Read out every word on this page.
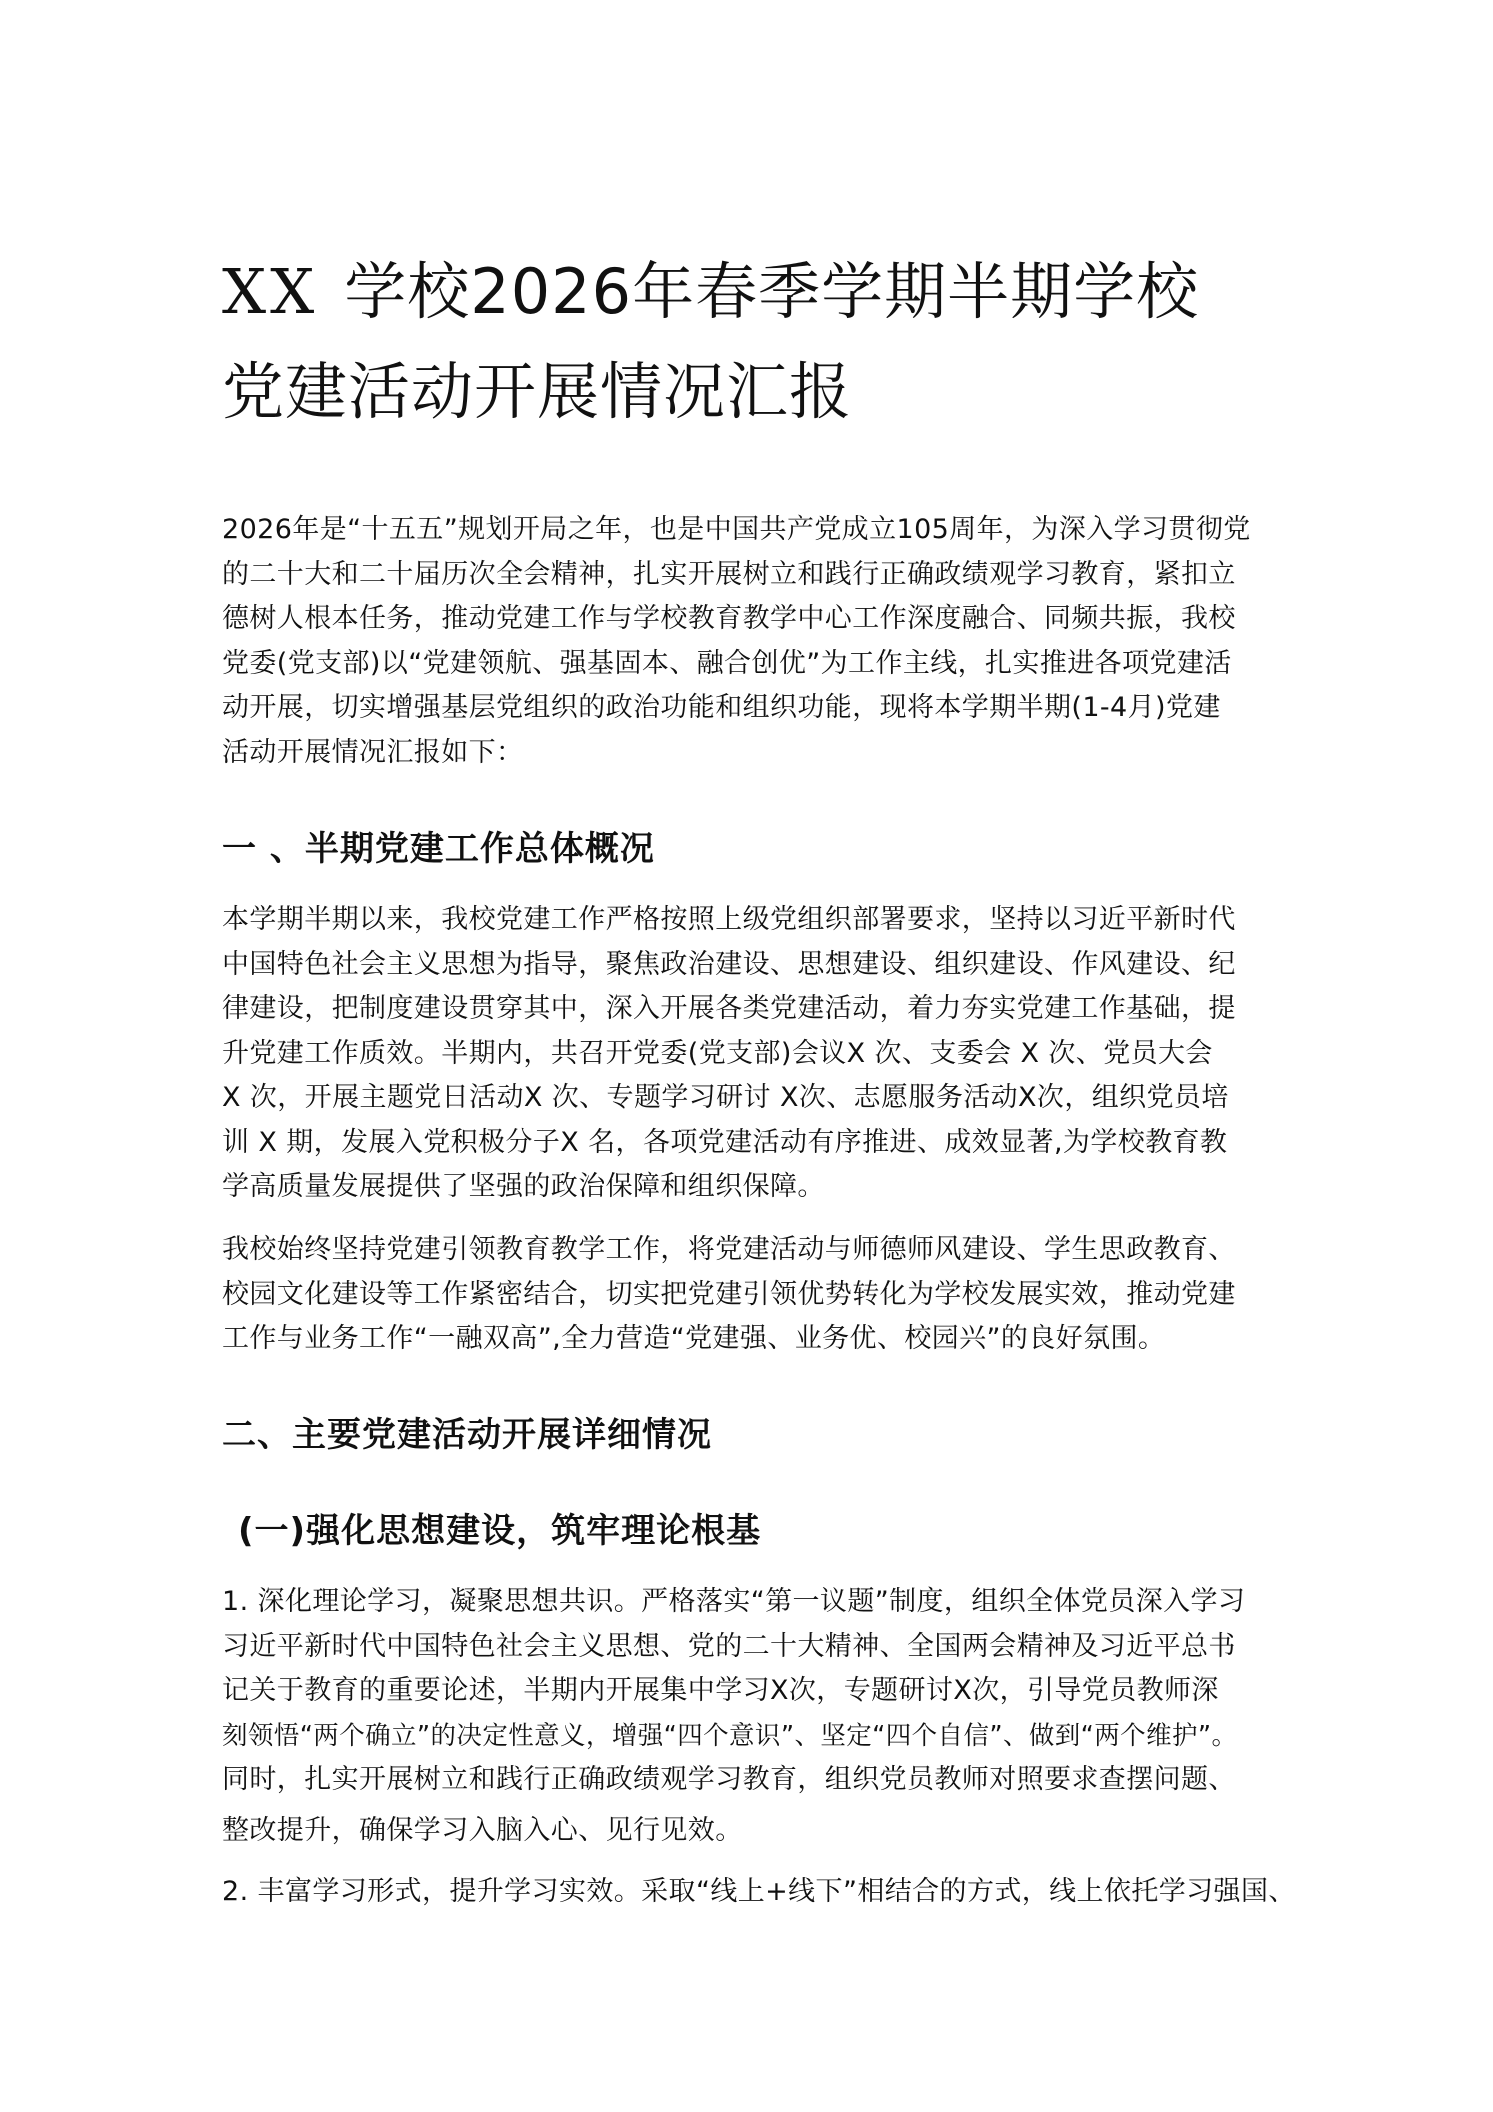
XX 学校2026年春季学期半期学校
党建活动开展情况汇报
2026年是“十五五”规划开局之年，也是中国共产党成立105周年，为深入学习贯彻党
的二十大和二十届历次全会精神，扎实开展树立和践行正确政绩观学习教育，紧扣立
德树人根本任务，推动党建工作与学校教育教学中心工作深度融合、同频共振，我校
党委(党支部)以“党建领航、强基固本、融合创优”为工作主线，扎实推进各项党建活
动开展，切实增强基层党组织的政治功能和组织功能，现将本学期半期(1-4月)党建
活动开展情况汇报如下：
一 、半期党建工作总体概况
本学期半期以来，我校党建工作严格按照上级党组织部署要求，坚持以习近平新时代
中国特色社会主义思想为指导，聚焦政治建设、思想建设、组织建设、作风建设、纪
律建设，把制度建设贯穿其中，深入开展各类党建活动，着力夯实党建工作基础，提
升党建工作质效。半期内，共召开党委(党支部)会议X 次、支委会 X 次、党员大会
X 次，开展主题党日活动X 次、专题学习研讨 X次、志愿服务活动X次，组织党员培
训 X 期，发展入党积极分子X 名，各项党建活动有序推进、成效显著,为学校教育教
学高质量发展提供了坚强的政治保障和组织保障。
我校始终坚持党建引领教育教学工作，将党建活动与师德师风建设、学生思政教育、
校园文化建设等工作紧密结合，切实把党建引领优势转化为学校发展实效，推动党建
工作与业务工作“一融双高”,全力营造“党建强、业务优、校园兴”的良好氛围。
二、主要党建活动开展详细情况
(一)强化思想建设，筑牢理论根基
1. 深化理论学习，凝聚思想共识。严格落实“第一议题”制度，组织全体党员深入学习
习近平新时代中国特色社会主义思想、党的二十大精神、全国两会精神及习近平总书
记关于教育的重要论述，半期内开展集中学习X次，专题研讨X次，引导党员教师深
刻领悟“两个确立”的决定性意义，增强“四个意识”、坚定“四个自信”、做到“两个维护”。
同时，扎实开展树立和践行正确政绩观学习教育，组织党员教师对照要求查摆问题、
整改提升，确保学习入脑入心、见行见效。
2. 丰富学习形式，提升学习实效。采取“线上+线下”相结合的方式，线上依托学习强国、
